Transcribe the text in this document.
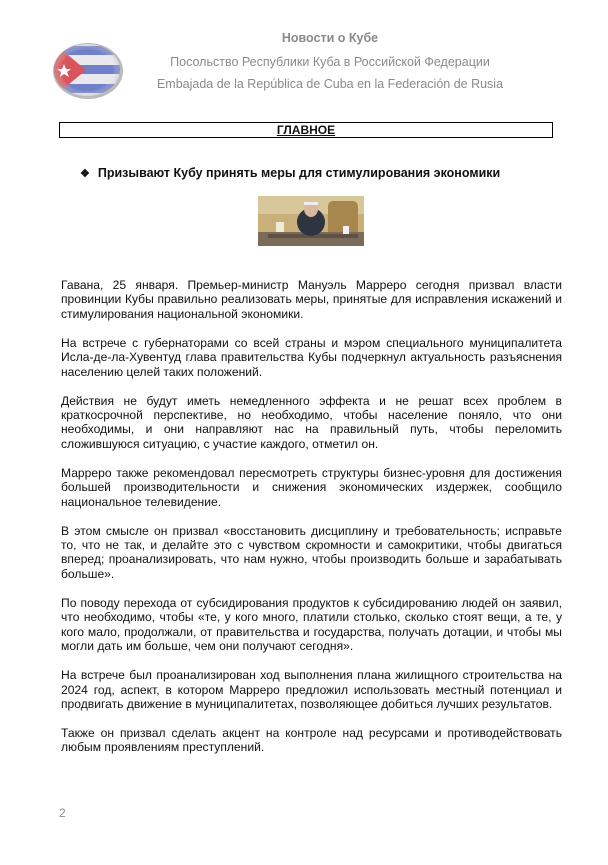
Новости о Кубе
Посольство Республики Куба в Российской Федерации
Embajada de la República de Cuba en la Federación de Rusia
ГЛАВНОЕ
❖ Призывают Кубу принять меры для стимулирования экономики

Гавана, 25 января. Премьер-министр Мануэль Марреро сегодня призвал власти провинции Кубы правильно реализовать меры, принятые для исправления искажений и стимулирования национальной экономики.

На встрече с губернаторами со всей страны и мэром специального муниципалитета Исла-де-ла-Хувентуд глава правительства Кубы подчеркнул актуальность разъяснения населению целей таких положений.

Действия не будут иметь немедленного эффекта и не решат всех проблем в краткосрочной перспективе, но необходимо, чтобы население поняло, что они необходимы, и они направляют нас на правильный путь, чтобы переломить сложившуюся ситуацию, с участие каждого, отметил он.

Марреро также рекомендовал пересмотреть структуры бизнес-уровня для достижения большей производительности и снижения экономических издержек, сообщило национальное телевидение.

В этом смысле он призвал «восстановить дисциплину и требовательность; исправьте то, что не так, и делайте это с чувством скромности и самокритики, чтобы двигаться вперед; проанализировать, что нам нужно, чтобы производить больше и зарабатывать больше».

По поводу перехода от субсидирования продуктов к субсидированию людей он заявил, что необходимо, чтобы «те, у кого много, платили столько, сколько стоят вещи, а те, у кого мало, продолжали, от правительства и государства, получать дотации, и чтобы мы могли дать им больше, чем они получают сегодня».

На встрече был проанализирован ход выполнения плана жилищного строительства на 2024 год, аспект, в котором Марреро предложил использовать местный потенциал и продвигать движение в муниципалитетах, позволяющее добиться лучших результатов.

Также он призвал сделать акцент на контроле над ресурсами и противодействовать любым проявлениям преступлений.

2
